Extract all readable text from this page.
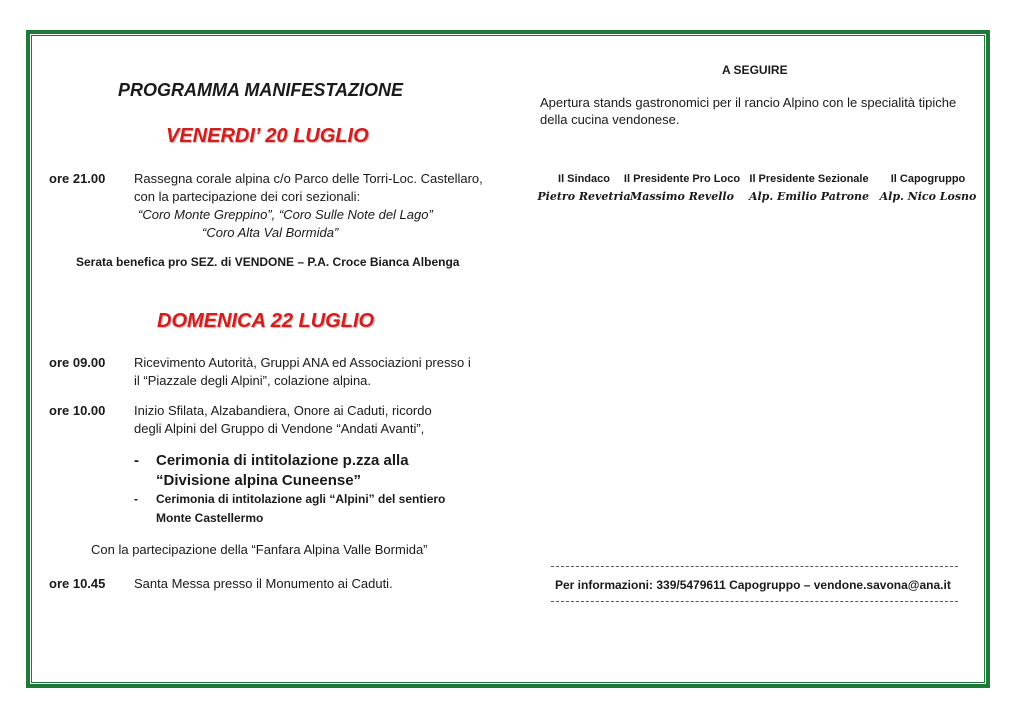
PROGRAMMA MANIFESTAZIONE
VENERDI’ 20 LUGLIO
ore 21.00 Rassegna corale alpina c/o Parco delle Torri-Loc. Castellaro,
con la partecipazione dei cori sezionali:
“Coro Monte Greppino”, “Coro Sulle Note del Lago”
“Coro Alta Val Bormida”
Serata benefica pro SEZ. di VENDONE – P.A. Croce Bianca Albenga
DOMENICA 22 LUGLIO
ore 09.00 Ricevimento Autorità, Gruppi ANA ed Associazioni presso i
il “Piazzale degli Alpini”, colazione alpina.
ore 10.00 Inizio Sfilata, Alzabandiera, Onore ai Caduti, ricordo
degli Alpini del Gruppo di Vendone “Andati Avanti”,
- Cerimonia di intitolazione p.zza alla
“Divisione alpina Cuneense”
- Cerimonia di intitolazione agli “Alpini” del sentiero
Monte Castellermo
Con la partecipazione della “Fanfara Alpina Valle Bormida”
ore 10.45 Santa Messa presso il Monumento ai Caduti.
A SEGUIRE
Apertura stands gastronomici per il rancio Alpino con le specialità tipiche
della cucina vendonese.
Il Sindaco
Pietro Revetria
Il Presidente Pro Loco
Massimo Revello
Il Presidente Sezionale
Alp. Emilio Patrone
Il Capogruppo
Alp. Nico Losno
Per informazioni: 339/5479611 Capogruppo – vendone.savona@ana.it
